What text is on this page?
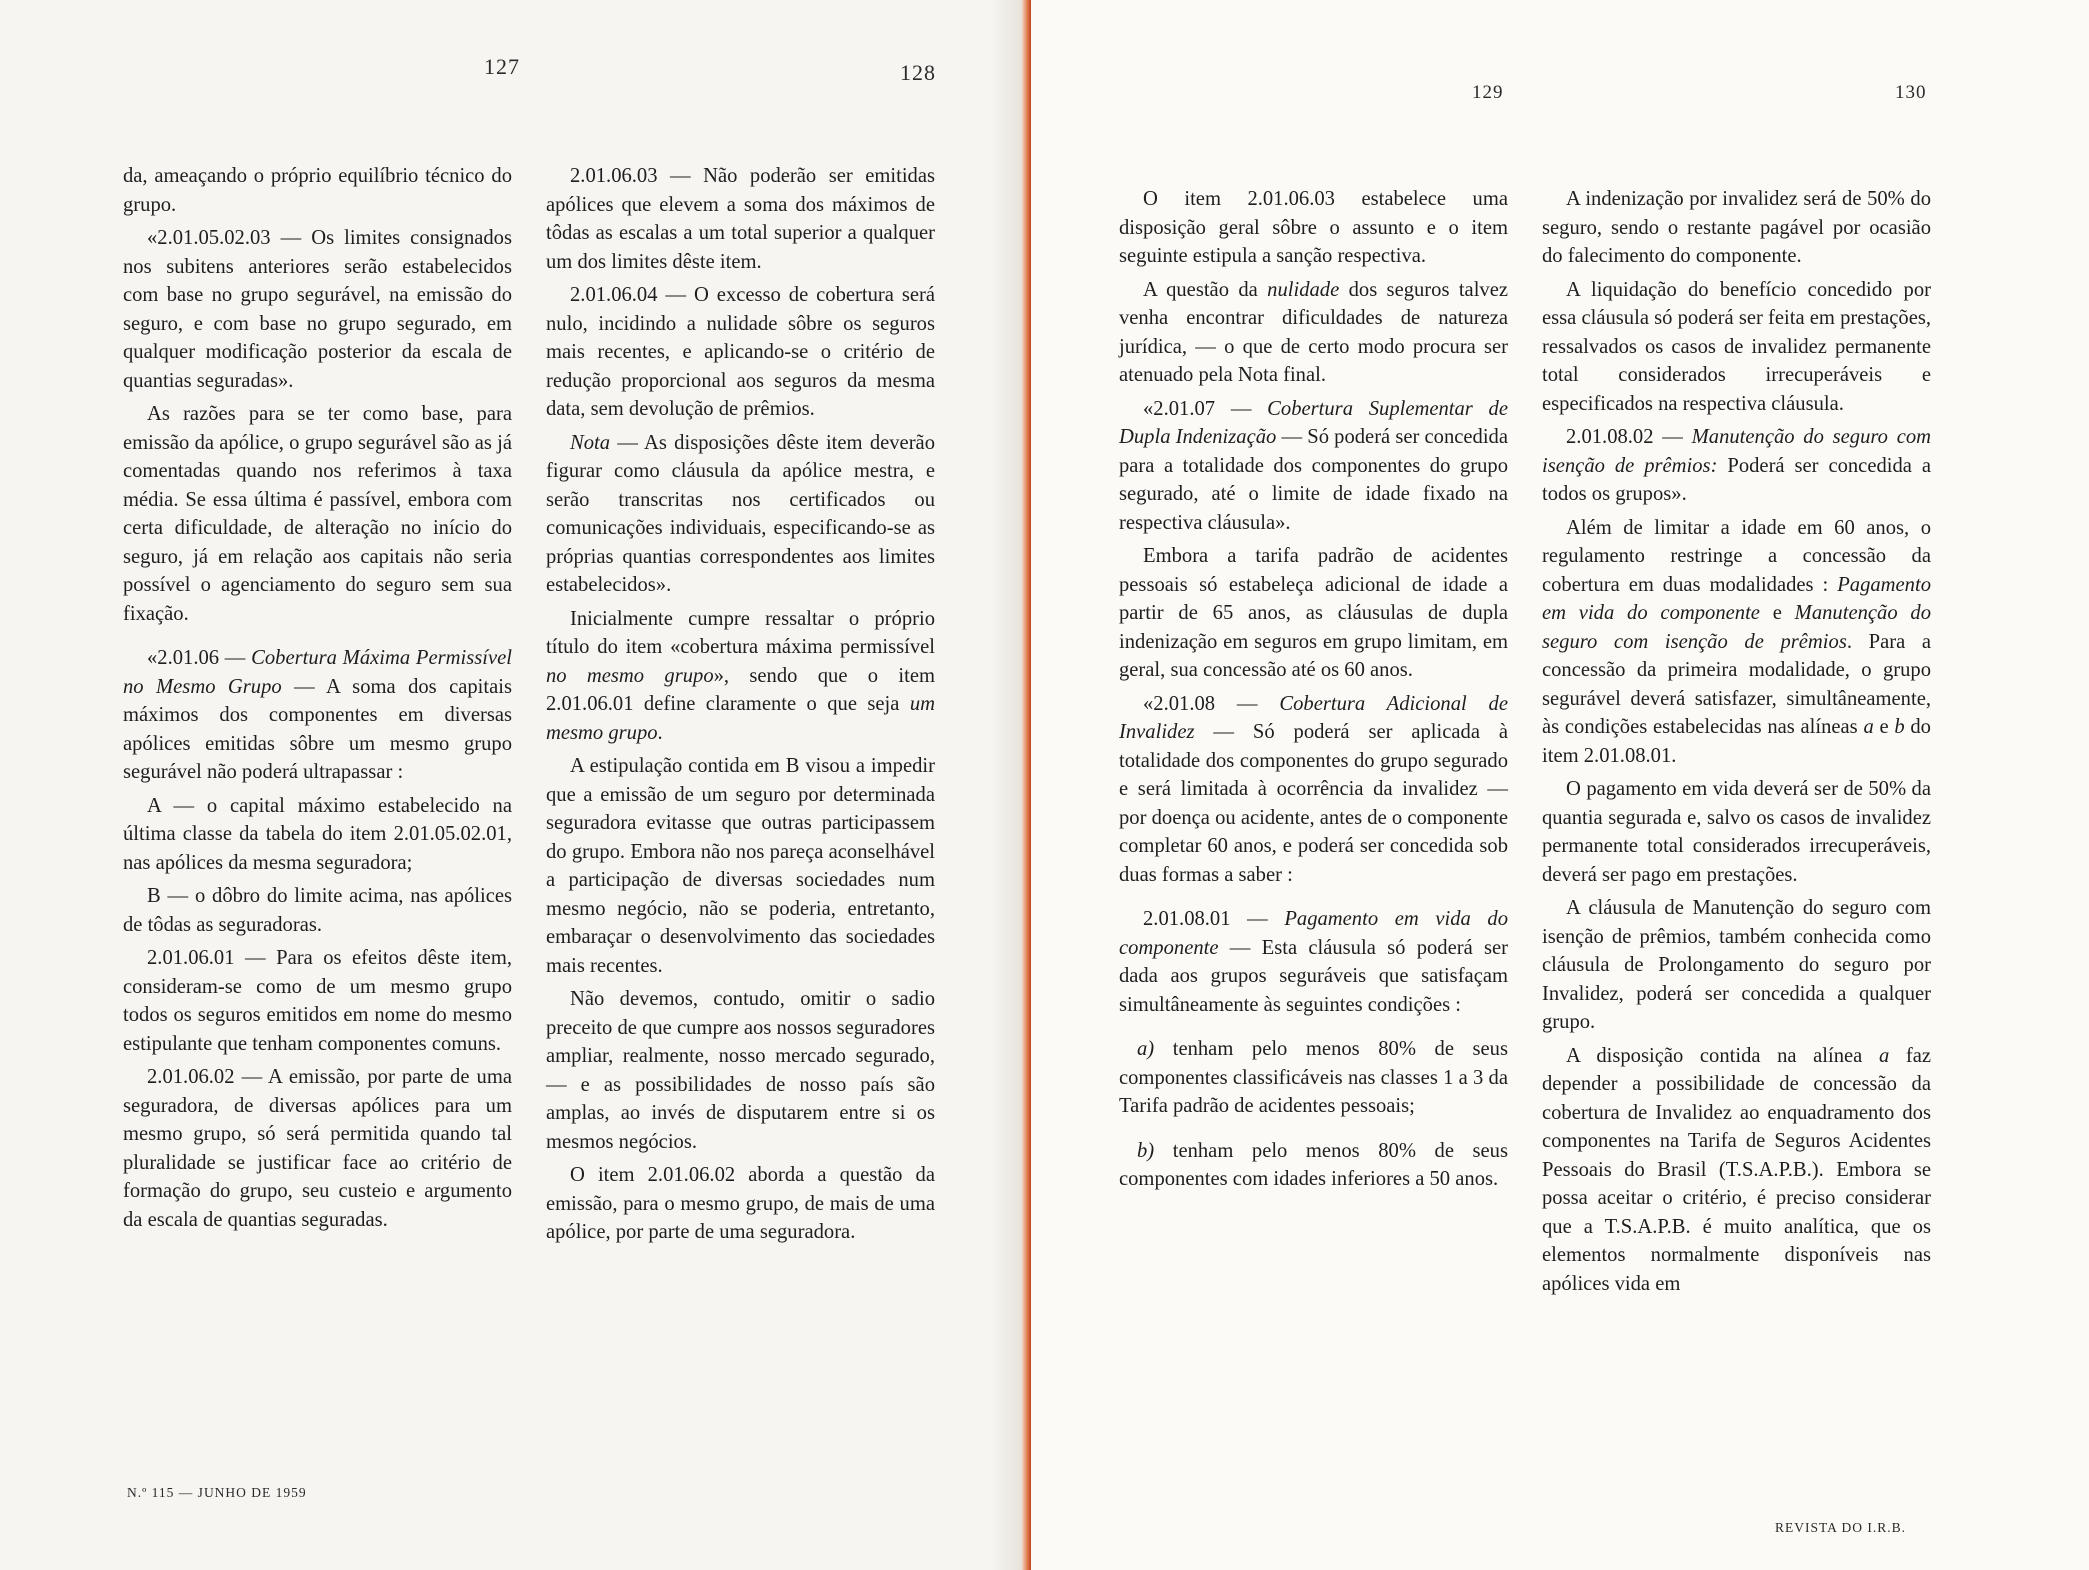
127	128

da, ameaçando o próprio equilíbrio técnico do grupo.

«2.01.05.02.03 — Os limites consignados nos subitens anteriores serão estabelecidos com base no grupo segurável, na emissão do seguro, e com base no grupo segurado, em qualquer modificação posterior da escala de quantias seguradas».

As razões para se ter como base, para emissão da apólice, o grupo segurável são as já comentadas quando nos referimos à taxa média. Se essa última é passível, embora com certa dificuldade, de alteração no início do seguro, já em relação aos capitais não seria possível o agenciamento do seguro sem sua fixação.

«2.01.06 — Cobertura Máxima Permissível no Mesmo Grupo — A soma dos capitais máximos dos componentes em diversas apólices emitidas sôbre um mesmo grupo segurável não poderá ultrapassar :

A — o capital máximo estabelecido na última classe da tabela do item 2.01.05.02.01, nas apólices da mesma seguradora;

B — o dôbro do limite acima, nas apólices de tôdas as seguradoras.

2.01.06.01 — Para os efeitos dêste item, consideram-se como de um mesmo grupo todos os seguros emitidos em nome do mesmo estipulante que tenham componentes comuns.

2.01.06.02 — A emissão, por parte de uma seguradora, de diversas apólices para um mesmo grupo, só será permitida quando tal pluralidade se justificar face ao critério de formação do grupo, seu custeio e argumento da escala de quantias seguradas.

2.01.06.03 — Não poderão ser emitidas apólices que elevem a soma dos máximos de tôdas as escalas a um total superior a qualquer um dos limites dêste item.

2.01.06.04 — O excesso de cobertura será nulo, incidindo a nulidade sôbre os seguros mais recentes, e aplicando-se o critério de redução proporcional aos seguros da mesma data, sem devolução de prêmios.

Nota — As disposições dêste item deverão figurar como cláusula da apólice mestra, e serão transcritas nos certificados ou comunicações individuais, especificando-se as próprias quantias correspondentes aos limites estabelecidos».

Inicialmente cumpre ressaltar o próprio título do item «cobertura máxima permissível no mesmo grupo», sendo que o item 2.01.06.01 define claramente o que seja um mesmo grupo.

A estipulação contida em B visou a impedir que a emissão de um seguro por determinada seguradora evitasse que outras participassem do grupo. Embora não nos pareça aconselhável a participação de diversas sociedades num mesmo negócio, não se poderia, entretanto, embaraçar o desenvolvimento das sociedades mais recentes.

Não devemos, contudo, omitir o sadio preceito de que cumpre aos nossos seguradores ampliar, realmente, nosso mercado segurado, — e as possibilidades de nosso país são amplas, ao invés de disputarem entre si os mesmos negócios.

O item 2.01.06.02 aborda a questão da emissão, para o mesmo grupo, de mais de uma apólice, por parte de uma seguradora.

N.º 115 — JUNHO DE 1959
129	130

O item 2.01.06.03 estabelece uma disposição geral sôbre o assunto e o item seguinte estipula a sanção respectiva.

A questão da nulidade dos seguros talvez venha encontrar dificuldades de natureza jurídica, — o que de certo modo procura ser atenuado pela Nota final.

«2.01.07 — Cobertura Suplementar de Dupla Indenização — Só poderá ser concedida para a totalidade dos componentes do grupo segurado, até o limite de idade fixado na respectiva cláusula».

Embora a tarifa padrão de acidentes pessoais só estabeleça adicional de idade a partir de 65 anos, as cláusulas de dupla indenização em seguros em grupo limitam, em geral, sua concessão até os 60 anos.

«2.01.08 — Cobertura Adicional de Invalidez — Só poderá ser aplicada à totalidade dos componentes do grupo segurado e será limitada à ocorrência da invalidez — por doença ou acidente, antes de o componente completar 60 anos, e poderá ser concedida sob duas formas a saber :

2.01.08.01 — Pagamento em vida do componente — Esta cláusula só poderá ser dada aos grupos seguráveis que satisfaçam simultâneamente às seguintes condições :

a) tenham pelo menos 80% de seus componentes classificáveis nas classes 1 a 3 da Tarifa padrão de acidentes pessoais;

b) tenham pelo menos 80% de seus componentes com idades inferiores a 50 anos.

A indenização por invalidez será de 50% do seguro, sendo o restante pagável por ocasião do falecimento do componente.

A liquidação do benefício concedido por essa cláusula só poderá ser feita em prestações, ressalvados os casos de invalidez permanente total considerados irrecuperáveis e especificados na respectiva cláusula.

2.01.08.02 — Manutenção do seguro com isenção de prêmios: Poderá ser concedida a todos os grupos».

Além de limitar a idade em 60 anos, o regulamento restringe a concessão da cobertura em duas modalidades : Pagamento em vida do componente e Manutenção do seguro com isenção de prêmios. Para a concessão da primeira modalidade, o grupo segurável deverá satisfazer, simultâneamente, às condições estabelecidas nas alíneas a e b do item 2.01.08.01.

O pagamento em vida deverá ser de 50% da quantia segurada e, salvo os casos de invalidez permanente total considerados irrecuperáveis, deverá ser pago em prestações.

A cláusula de Manutenção do seguro com isenção de prêmios, também conhecida como cláusula de Prolongamento do seguro por Invalidez, poderá ser concedida a qualquer grupo.

A disposição contida na alínea a faz depender a possibilidade de concessão da cobertura de Invalidez ao enquadramento dos componentes na Tarifa de Seguros Acidentes Pessoais do Brasil (T.S.A.P.B.). Embora se possa aceitar o critério, é preciso considerar que a T.S.A.P.B. é muito analítica, que os elementos normalmente disponíveis nas apólices vida em

REVISTA DO I.R.B.
